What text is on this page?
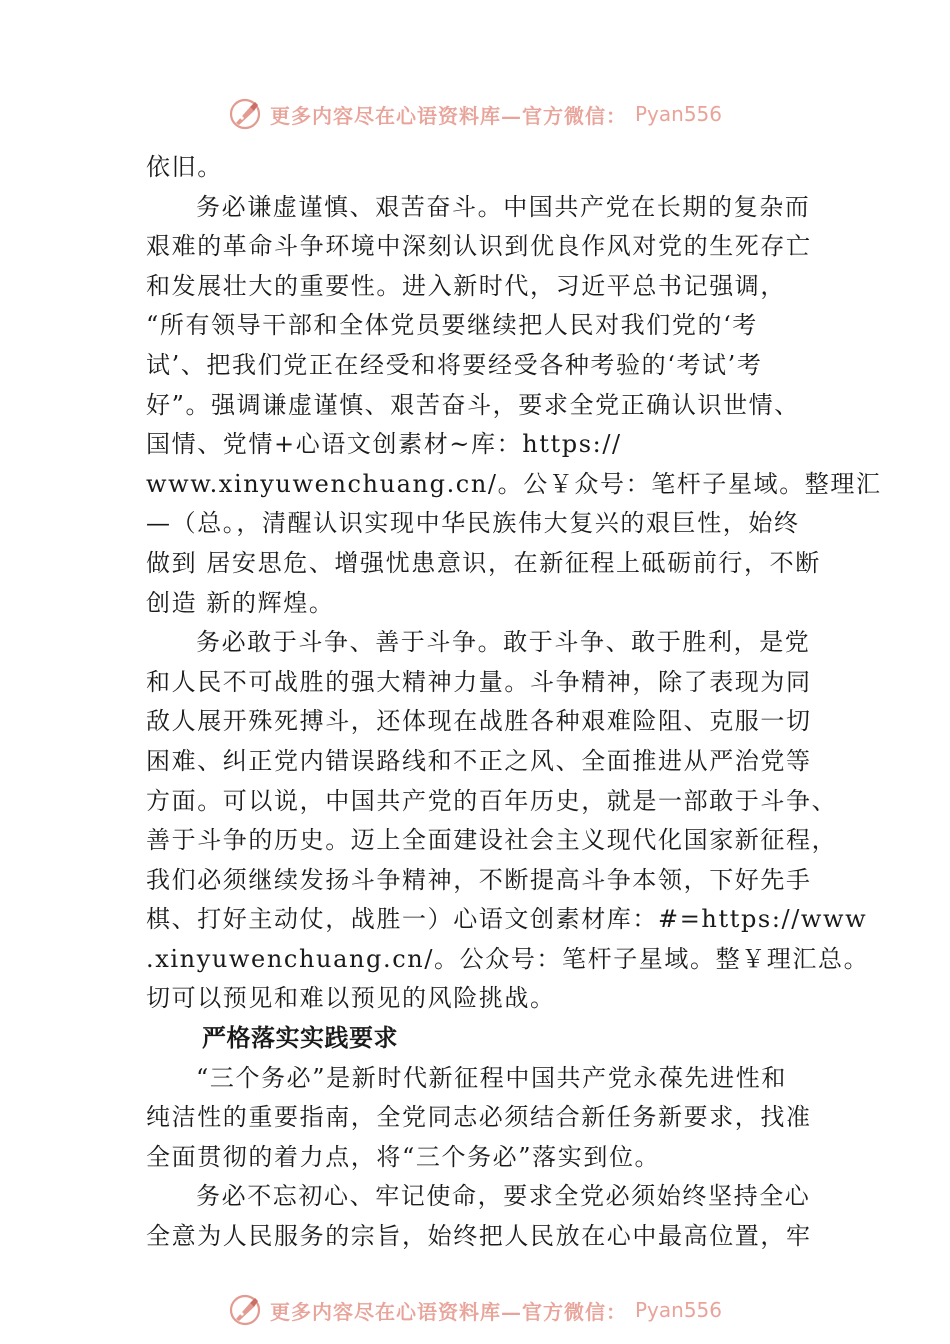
更多内容尽在心语资料库—官方微信： Pyan556
依旧。
务必谦虚谨慎、艰苦奋斗。中国共产党在长期的复杂而
艰难的革命斗争环境中深刻认识到优良作风对党的生死存亡
和发展壮大的重要性。进入新时代，习近平总书记强调，
“所有领导干部和全体党员要继续把人民对我们党的‘考
试’、把我们党正在经受和将要经受各种考验的‘考试’考
好”。强调谦虚谨慎、艰苦奋斗，要求全党正确认识世情、
国情、党情+心语文创素材~库：https://
www.xinyuwenchuang.cn/。公￥众号：笔杆子星域。整理汇
—（总。，清醒认识实现中华民族伟大复兴的艰巨性，始终
做到 居安思危、增强忧患意识，在新征程上砥砺前行，不断
创造 新的辉煌。
务必敢于斗争、善于斗争。敢于斗争、敢于胜利，是党
和人民不可战胜的强大精神力量。斗争精神，除了表现为同
敌人展开殊死搏斗，还体现在战胜各种艰难险阻、克服一切
困难、纠正党内错误路线和不正之风、全面推进从严治党等
方面。可以说，中国共产党的百年历史，就是一部敢于斗争、
善于斗争的历史。迈上全面建设社会主义现代化国家新征程，
我们必须继续发扬斗争精神，不断提高斗争本领，下好先手
棋、打好主动仗，战胜一）心语文创素材库：#=https://www
.xinyuwenchuang.cn/。公众号：笔杆子星域。整￥理汇总。
切可以预见和难以预见的风险挑战。
严格落实实践要求
“三个务必”是新时代新征程中国共产党永葆先进性和
纯洁性的重要指南，全党同志必须结合新任务新要求，找准
全面贯彻的着力点，将“三个务必”落实到位。
务必不忘初心、牢记使命，要求全党必须始终坚持全心
全意为人民服务的宗旨，始终把人民放在心中最高位置，牢
更多内容尽在心语资料库—官方微信： Pyan556
